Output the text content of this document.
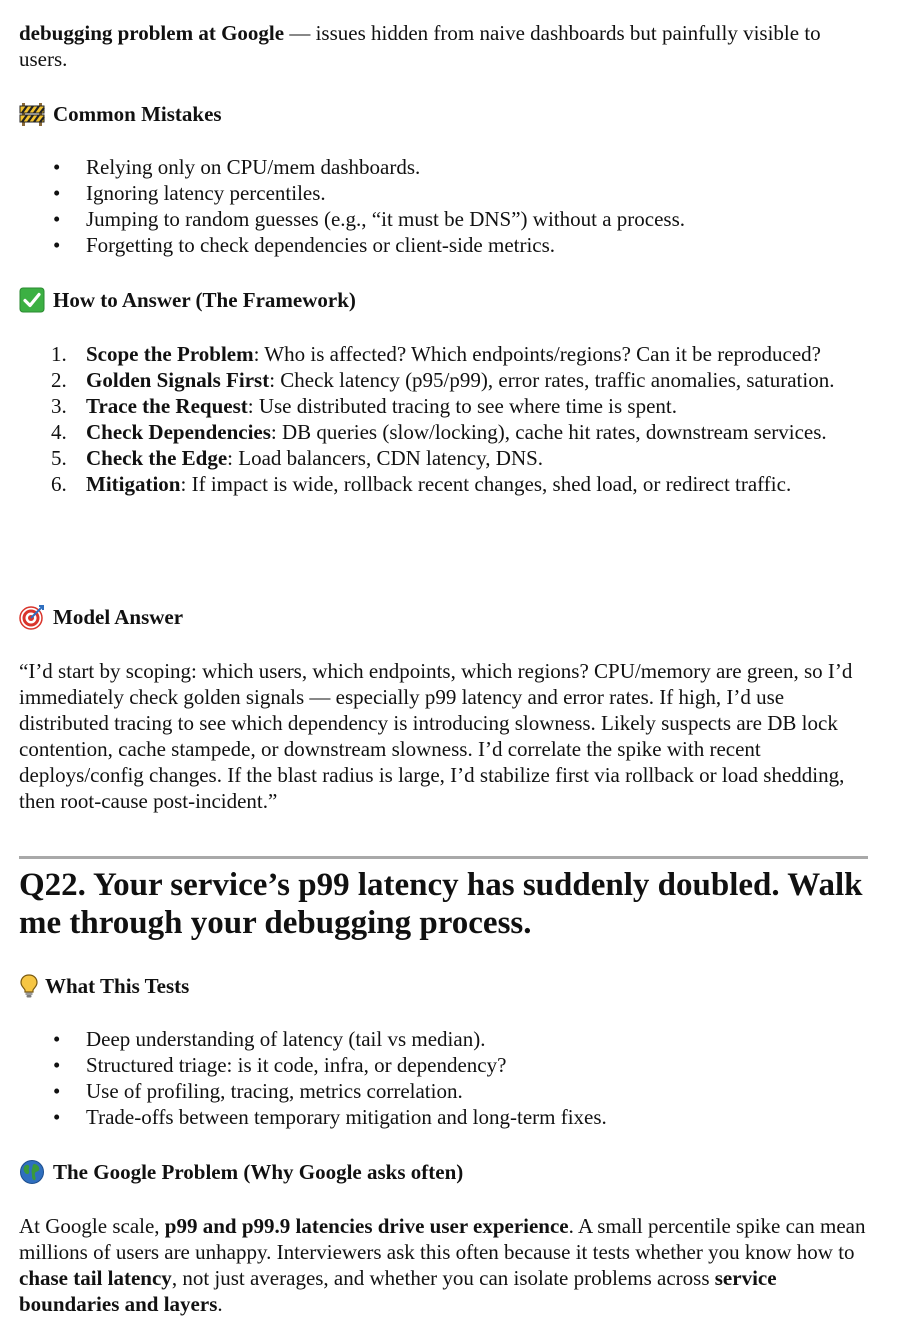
debugging problem at Google — issues hidden from naive dashboards but painfully visible to users.

Common Mistakes
• Relying only on CPU/mem dashboards.
• Ignoring latency percentiles.
• Jumping to random guesses (e.g., “it must be DNS”) without a process.
• Forgetting to check dependencies or client-side metrics.
How to Answer (The Framework)
1. Scope the Problem: Who is affected? Which endpoints/regions? Can it be reproduced?
2. Golden Signals First: Check latency (p95/p99), error rates, traffic anomalies, saturation.
3. Trace the Request: Use distributed tracing to see where time is spent.
4. Check Dependencies: DB queries (slow/locking), cache hit rates, downstream services.
5. Check the Edge: Load balancers, CDN latency, DNS.
6. Mitigation: If impact is wide, rollback recent changes, shed load, or redirect traffic.
Model Answer

“I’d start by scoping: which users, which endpoints, which regions? CPU/memory are green, so I’d immediately check golden signals — especially p99 latency and error rates. If high, I’d use distributed tracing to see which dependency is introducing slowness. Likely suspects are DB lock contention, cache stampede, or downstream slowness. I’d correlate the spike with recent deploys/config changes. If the blast radius is large, I’d stabilize first via rollback or load shedding, then root-cause post-incident.”

Q22. Your service’s p99 latency has suddenly doubled. Walk me through your debugging process.
What This Tests
• Deep understanding of latency (tail vs median).
• Structured triage: is it code, infra, or dependency?
• Use of profiling, tracing, metrics correlation.
• Trade-offs between temporary mitigation and long-term fixes.
The Google Problem (Why Google asks often)

At Google scale, p99 and p99.9 latencies drive user experience. A small percentile spike can mean millions of users are unhappy. Interviewers ask this often because it tests whether you know how to chase tail latency, not just averages, and whether you can isolate problems across service boundaries and layers.
